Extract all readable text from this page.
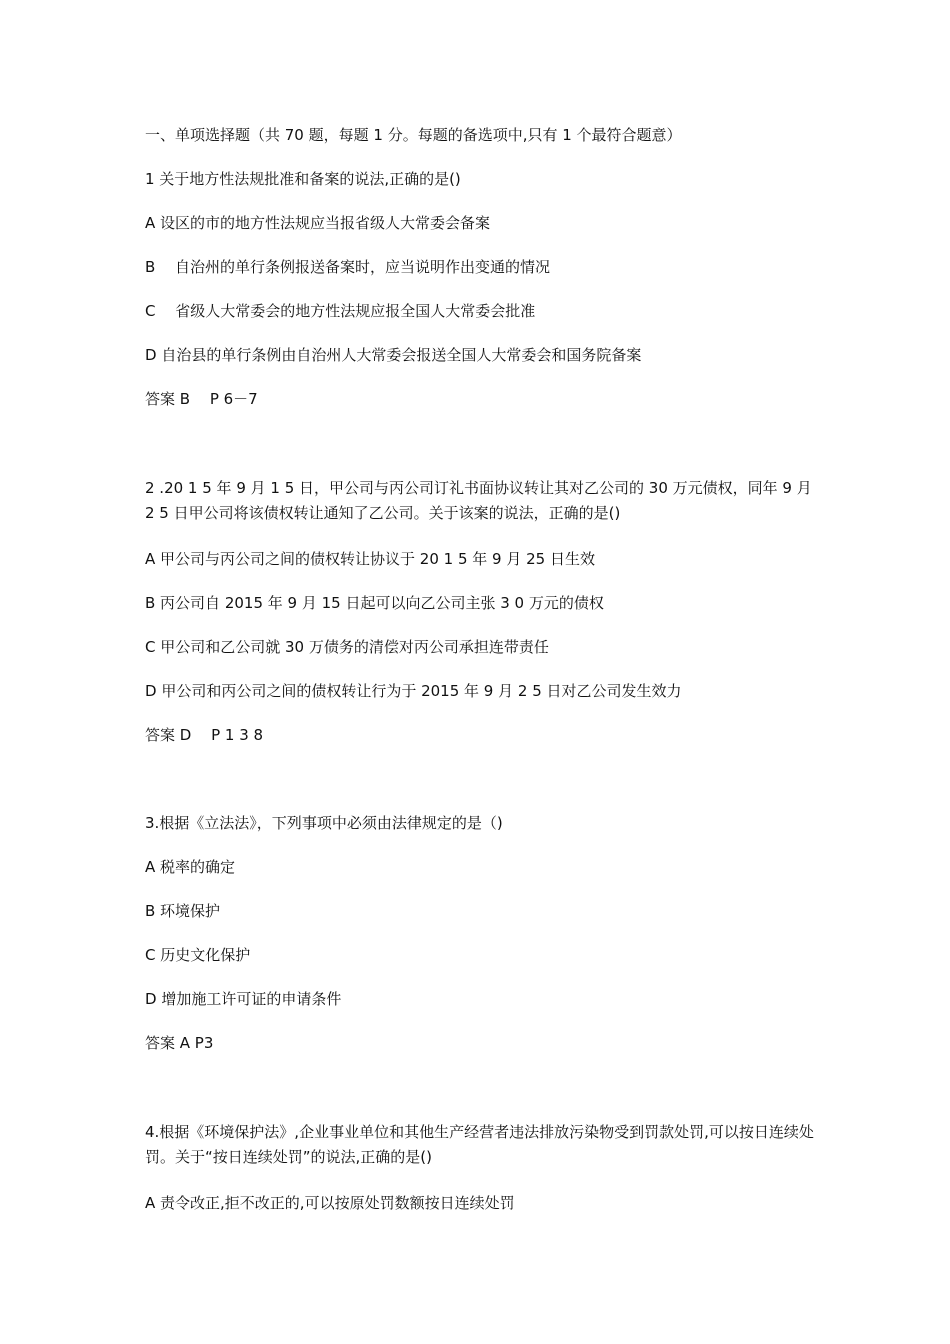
一、单项选择题（共 70 题，每题 1 分。每题的备选项中,只有 1 个最符合题意）

1 关于地方性法规批准和备案的说法,正确的是()

A 设区的市的地方性法规应当报省级人大常委会备案

B　 自治州的单行条例报送备案时，应当说明作出变通的情况

C　 省级人大常委会的地方性法规应报全国人大常委会批准

D 自治县的单行条例由自治州人大常委会报送全国人大常委会和国务院备案

答案 B　 P 6－7

2 .20 1 5 年 9 月 1 5 日，甲公司与丙公司订礼书面协议转让其对乙公司的 30 万元债权，同年 9 月 2 5 日甲公司将该债权转让通知了乙公司。关于该案的说法，正确的是()

A 甲公司与丙公司之间的债权转让协议于 20 1 5 年 9 月 25 日生效

B 丙公司自 2015 年 9 月 15 日起可以向乙公司主张 3 0 万元的债权

C 甲公司和乙公司就 30 万债务的清偿对丙公司承担连带责任

D 甲公司和丙公司之间的债权转让行为于 2015 年 9 月 2 5 日对乙公司发生效力

答案 D　 P 1 3 8

3.根据《立法法》，下列事项中必须由法律规定的是（)

A 税率的确定

B 环境保护

C 历史文化保护

D 增加施工许可证的申请条件

答案 A P3

4.根据《环境保护法》,企业事业单位和其他生产经营者违法排放污染物受到罚款处罚,可以按日连续处罚。关于“按日连续处罚”的说法,正确的是()

A 责令改正,拒不改正的,可以按原处罚数额按日连续处罚
